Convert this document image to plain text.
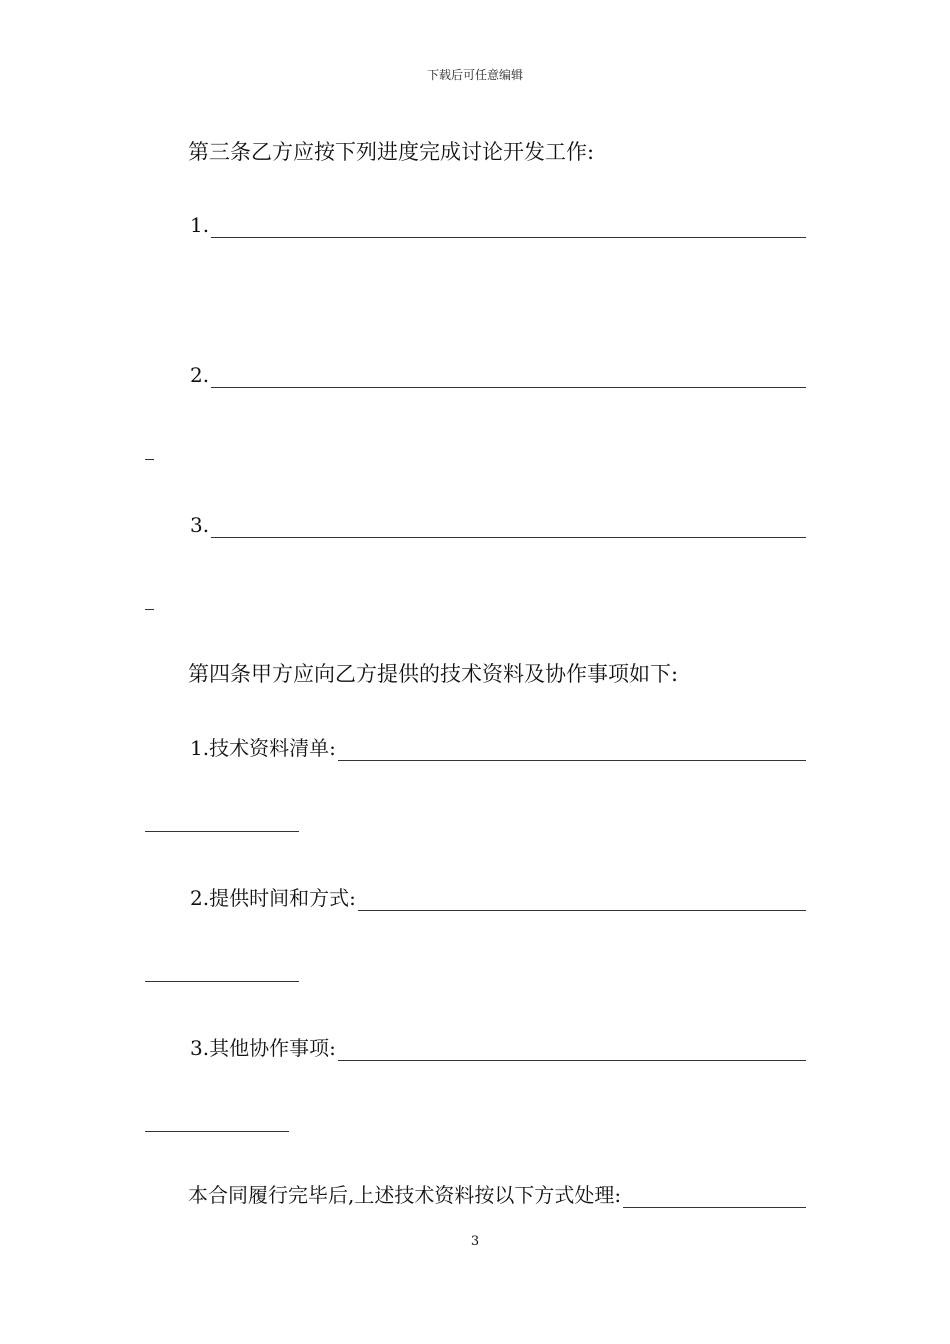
下载后可任意编辑
第三条乙方应按下列进度完成讨论开发工作:
1.
2.
3.
第四条甲方应向乙方提供的技术资料及协作事项如下:
1.技术资料清单:
2.提供时间和方式:
3.其他协作事项:
本合同履行完毕后,上述技术资料按以下方式处理:
3
